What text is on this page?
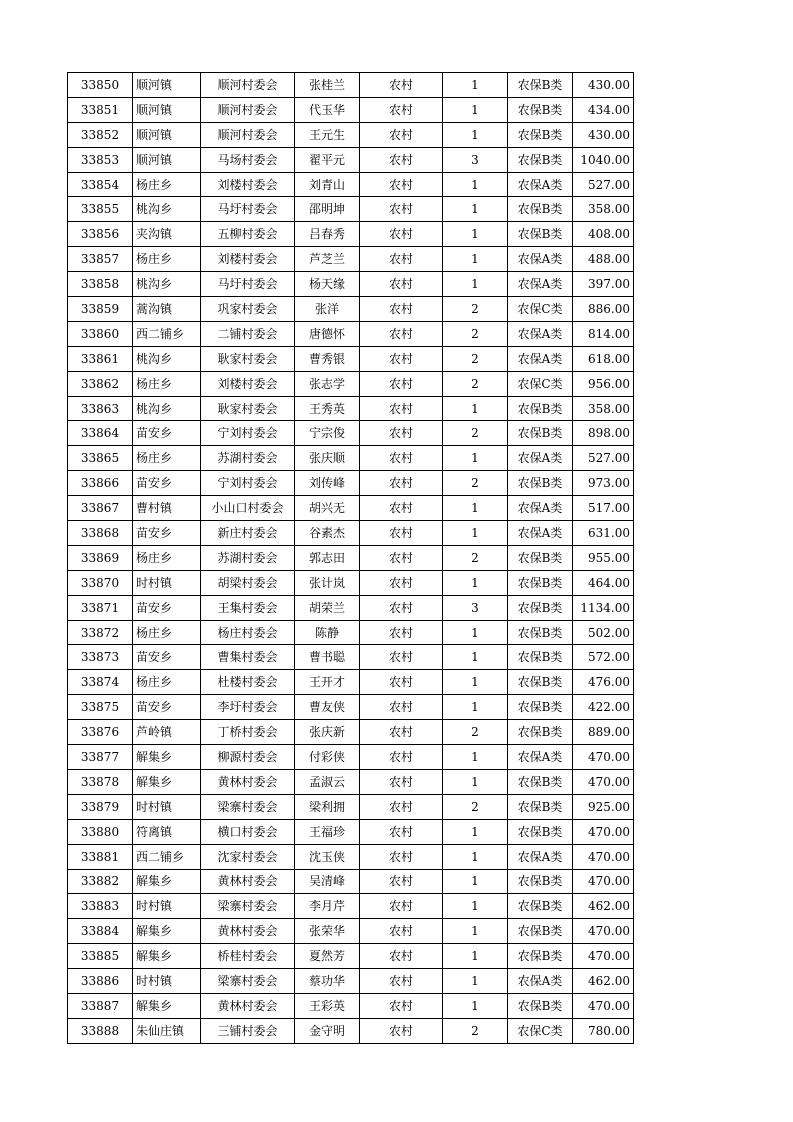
33850	顺河镇	顺河村委会	张桂兰	农村	1	农保B类	430.00
33851	顺河镇	顺河村委会	代玉华	农村	1	农保B类	434.00
33852	顺河镇	顺河村委会	王元生	农村	1	农保B类	430.00
33853	顺河镇	马场村委会	翟平元	农村	3	农保B类	1040.00
33854	杨庄乡	刘楼村委会	刘青山	农村	1	农保A类	527.00
33855	桃沟乡	马圩村委会	邵明坤	农村	1	农保B类	358.00
33856	夹沟镇	五柳村委会	吕春秀	农村	1	农保B类	408.00
33857	杨庄乡	刘楼村委会	芦芝兰	农村	1	农保A类	488.00
33858	桃沟乡	马圩村委会	杨天缘	农村	1	农保A类	397.00
33859	蒿沟镇	巩家村委会	张洋	农村	2	农保C类	886.00
33860	西二铺乡	二铺村委会	唐德怀	农村	2	农保A类	814.00
33861	桃沟乡	耿家村委会	曹秀银	农村	2	农保A类	618.00
33862	杨庄乡	刘楼村委会	张志学	农村	2	农保C类	956.00
33863	桃沟乡	耿家村委会	王秀英	农村	1	农保B类	358.00
33864	苗安乡	宁刘村委会	宁宗俊	农村	2	农保B类	898.00
33865	杨庄乡	苏湖村委会	张庆顺	农村	1	农保A类	527.00
33866	苗安乡	宁刘村委会	刘传峰	农村	2	农保B类	973.00
33867	曹村镇	小山口村委会	胡兴无	农村	1	农保A类	517.00
33868	苗安乡	新庄村委会	谷素杰	农村	1	农保A类	631.00
33869	杨庄乡	苏湖村委会	郭志田	农村	2	农保B类	955.00
33870	时村镇	胡梁村委会	张计岚	农村	1	农保B类	464.00
33871	苗安乡	王集村委会	胡荣兰	农村	3	农保B类	1134.00
33872	杨庄乡	杨庄村委会	陈静	农村	1	农保B类	502.00
33873	苗安乡	曹集村委会	曹书聪	农村	1	农保B类	572.00
33874	杨庄乡	杜楼村委会	王开才	农村	1	农保B类	476.00
33875	苗安乡	李圩村委会	曹友侠	农村	1	农保B类	422.00
33876	芦岭镇	丁桥村委会	张庆新	农村	2	农保B类	889.00
33877	解集乡	柳源村委会	付彩侠	农村	1	农保A类	470.00
33878	解集乡	黄林村委会	孟淑云	农村	1	农保B类	470.00
33879	时村镇	梁寨村委会	梁利拥	农村	2	农保B类	925.00
33880	符离镇	横口村委会	王福珍	农村	1	农保B类	470.00
33881	西二铺乡	沈家村委会	沈玉侠	农村	1	农保A类	470.00
33882	解集乡	黄林村委会	吴清峰	农村	1	农保B类	470.00
33883	时村镇	梁寨村委会	李月芹	农村	1	农保B类	462.00
33884	解集乡	黄林村委会	张荣华	农村	1	农保B类	470.00
33885	解集乡	桥桂村委会	夏然芳	农村	1	农保B类	470.00
33886	时村镇	梁寨村委会	蔡功华	农村	1	农保A类	462.00
33887	解集乡	黄林村委会	王彩英	农村	1	农保B类	470.00
33888	朱仙庄镇	三铺村委会	金守明	农村	2	农保C类	780.00
